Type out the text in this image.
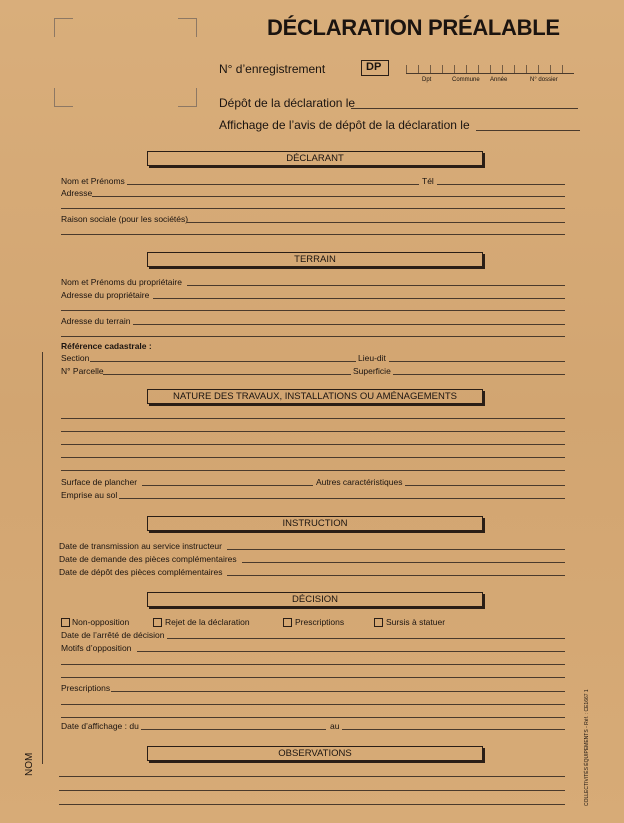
DÉCLARATION PRÉALABLE
N° d’enregistrement	DP
Dpt	Commune Année	N° dossier
Dépôt de la déclaration le
Affichage de l’avis de dépôt de la déclaration le
DÉCLARANT
Nom et Prénoms	Tél
Adresse
Raison sociale (pour les sociétés)
TERRAIN
Nom et Prénoms du propriétaire
Adresse du propriétaire
Adresse du terrain
Référence cadastrale :
Section	Lieu-dit
N° Parcelle	Superficie
NATURE DES TRAVAUX, INSTALLATIONS OU AMÉNAGEMENTS
Surface de plancher	Autres caractéristiques
Emprise au sol
INSTRUCTION
Date de transmission au service instructeur
Date de demande des pièces complémentaires
Date de dépôt des pièces complémentaires
DÉCISION
Non-opposition	Rejet de la déclaration	Prescriptions	Sursis à statuer
Date de l’arrêté de décision
Motifs d’opposition
Prescriptions
Date d’affichage : du	au
OBSERVATIONS
NOM	COLLECTIVITÉS ÉQUIPEMENTS - Réf. : CE1667 1
